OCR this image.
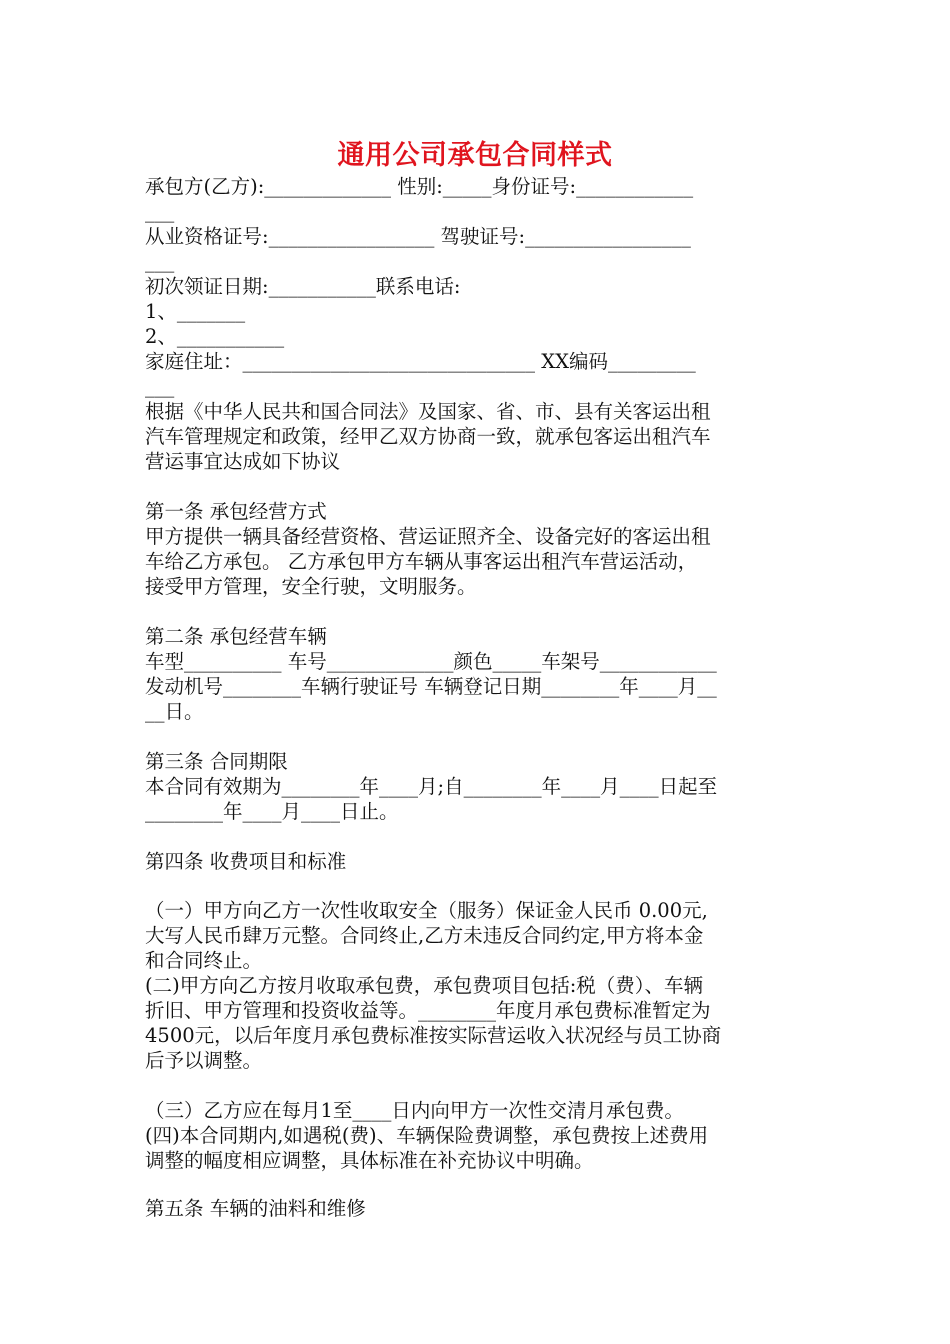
通用公司承包合同样式
承包方(乙方):_____________ 性别:_____身份证号:____________
___
从业资格证号:_________________ 驾驶证号:_________________
___
初次领证日期:___________联系电话:
1、_______
2、___________
家庭住址：______________________________ XX编码_________
___
根据《中华人民共和国合同法》及国家、省、市、县有关客运出租
汽车管理规定和政策，经甲乙双方协商一致，就承包客运出租汽车
营运事宜达成如下协议
第一条 承包经营方式
甲方提供一辆具备经营资格、营运证照齐全、设备完好的客运出租
车给乙方承包。 乙方承包甲方车辆从事客运出租汽车营运活动，
接受甲方管理，安全行驶，文明服务。
第二条 承包经营车辆
车型__________ 车号_____________颜色_____车架号____________
发动机号________车辆行驶证号 车辆登记日期________年____月__
__日。
第三条 合同期限
本合同有效期为________年____月;自________年____月____日起至
________年____月____日止。
第四条 收费项目和标准
（一）甲方向乙方一次性收取安全（服务）保证金人民币 0.00元,
大写人民币肆万元整。合同终止,乙方未违反合同约定,甲方将本金
和合同终止。
(二)甲方向乙方按月收取承包费，承包费项目包括:税（费）、车辆
折旧、甲方管理和投资收益等。________年度月承包费标准暂定为
4500元，以后年度月承包费标准按实际营运收入状况经与员工协商
后予以调整。
（三）乙方应在每月1至____日内向甲方一次性交清月承包费。
(四)本合同期内,如遇税(费)、车辆保险费调整，承包费按上述费用
调整的幅度相应调整，具体标准在补充协议中明确。
第五条 车辆的油料和维修
